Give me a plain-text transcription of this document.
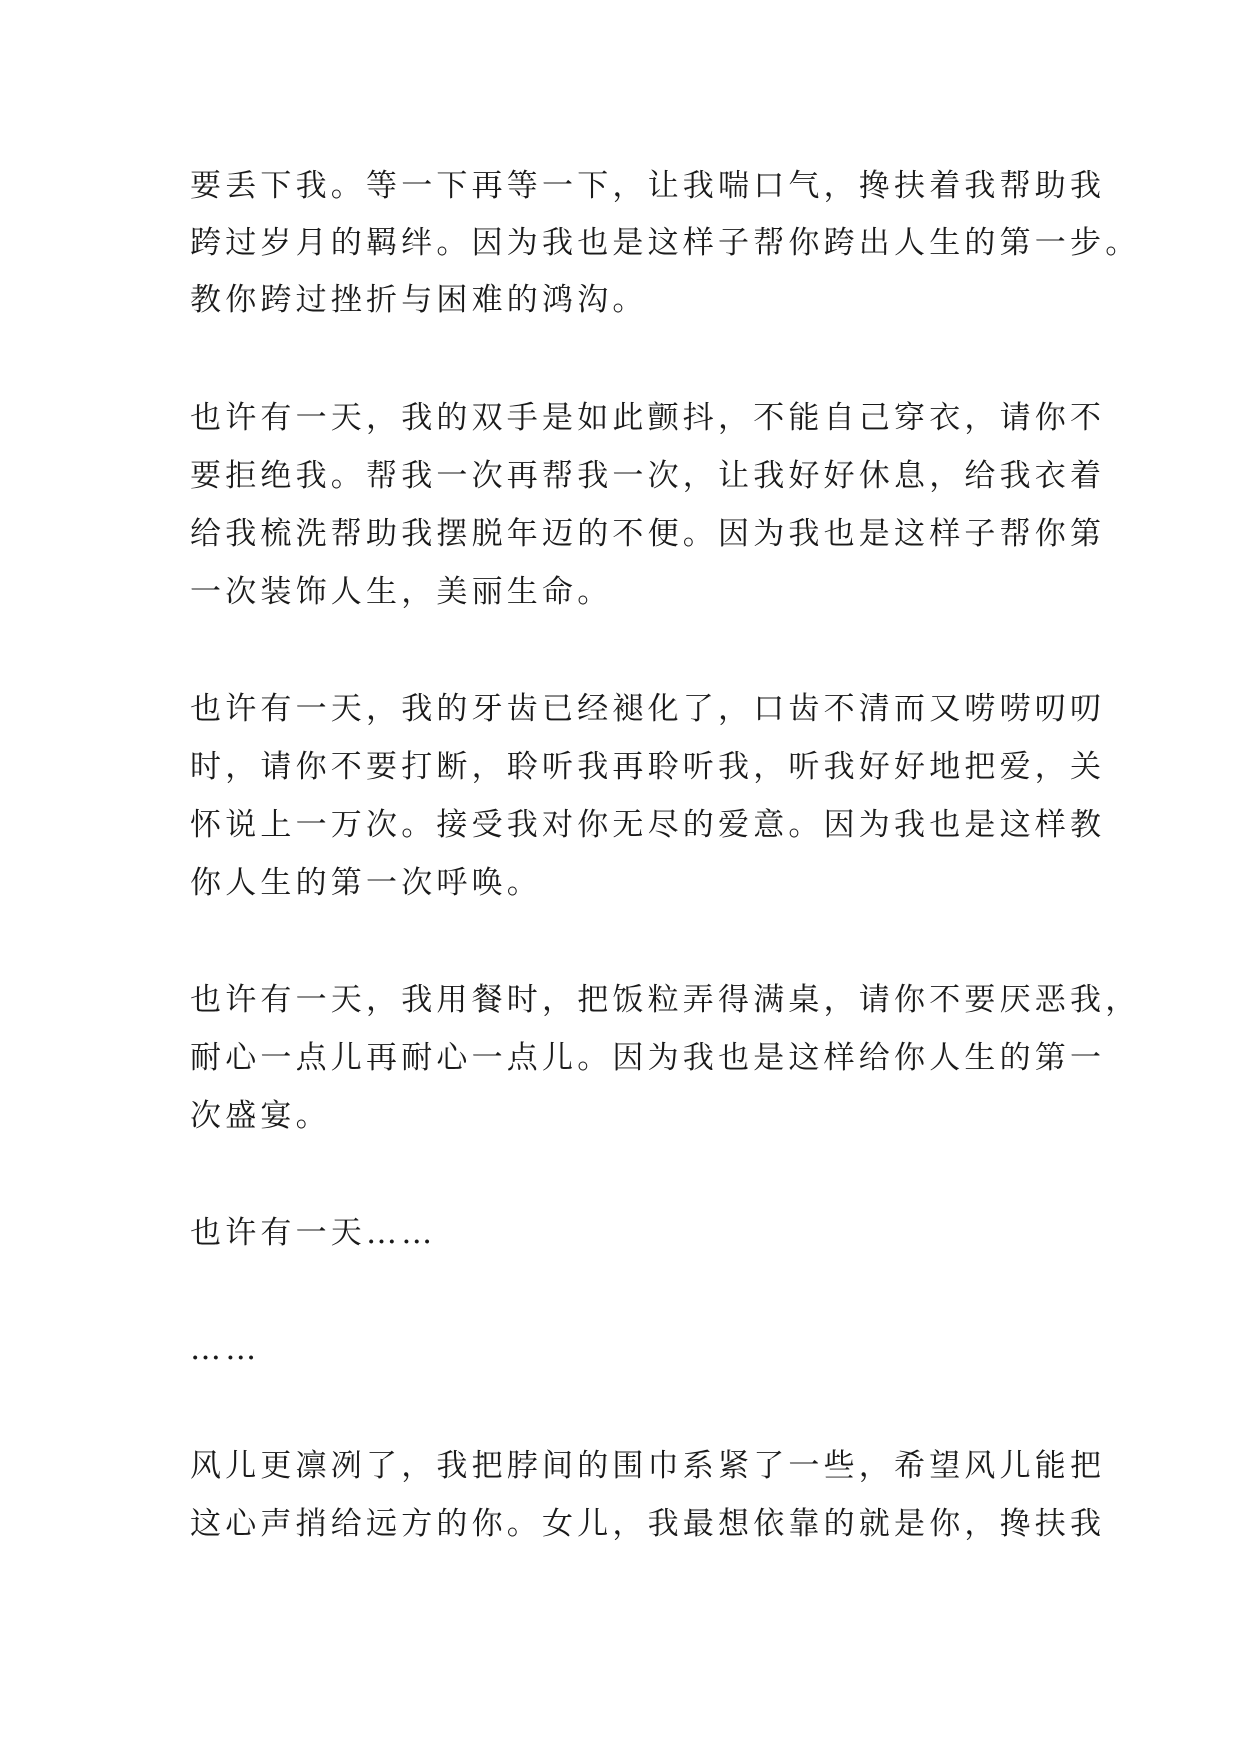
要丢下我。等一下再等一下，让我喘口气，搀扶着我帮助我
跨过岁月的羁绊。因为我也是这样子帮你跨出人生的第一步。
教你跨过挫折与困难的鸿沟。
也许有一天，我的双手是如此颤抖，不能自己穿衣，请你不
要拒绝我。帮我一次再帮我一次，让我好好休息，给我衣着
给我梳洗帮助我摆脱年迈的不便。因为我也是这样子帮你第
一次装饰人生，美丽生命。
也许有一天，我的牙齿已经褪化了，口齿不清而又唠唠叨叨
时，请你不要打断，聆听我再聆听我，听我好好地把爱，关
怀说上一万次。接受我对你无尽的爱意。因为我也是这样教
你人生的第一次呼唤。
也许有一天，我用餐时，把饭粒弄得满桌，请你不要厌恶我，
耐心一点儿再耐心一点儿。因为我也是这样给你人生的第一
次盛宴。
也许有一天……
……
风儿更凛冽了，我把脖间的围巾系紧了一些，希望风儿能把
这心声捎给远方的你。女儿，我最想依靠的就是你，搀扶我
